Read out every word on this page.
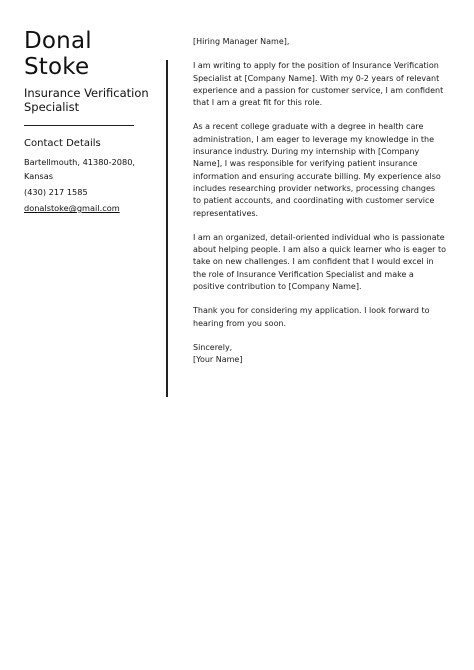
Donal
Stoke
Insurance Verification
Specialist
Contact Details
Bartellmouth, 41380-2080,
Kansas
(430) 217 1585
donalstoke@gmail.com

[Hiring Manager Name],

I am writing to apply for the position of Insurance Verification
Specialist at [Company Name]. With my 0-2 years of relevant
experience and a passion for customer service, I am confident
that I am a great fit for this role.

As a recent college graduate with a degree in health care
administration, I am eager to leverage my knowledge in the
insurance industry. During my internship with [Company
Name], I was responsible for verifying patient insurance
information and ensuring accurate billing. My experience also
includes researching provider networks, processing changes
to patient accounts, and coordinating with customer service
representatives.

I am an organized, detail-oriented individual who is passionate
about helping people. I am also a quick learner who is eager to
take on new challenges. I am confident that I would excel in
the role of Insurance Verification Specialist and make a
positive contribution to [Company Name].

Thank you for considering my application. I look forward to
hearing from you soon.

Sincerely,
[Your Name]
